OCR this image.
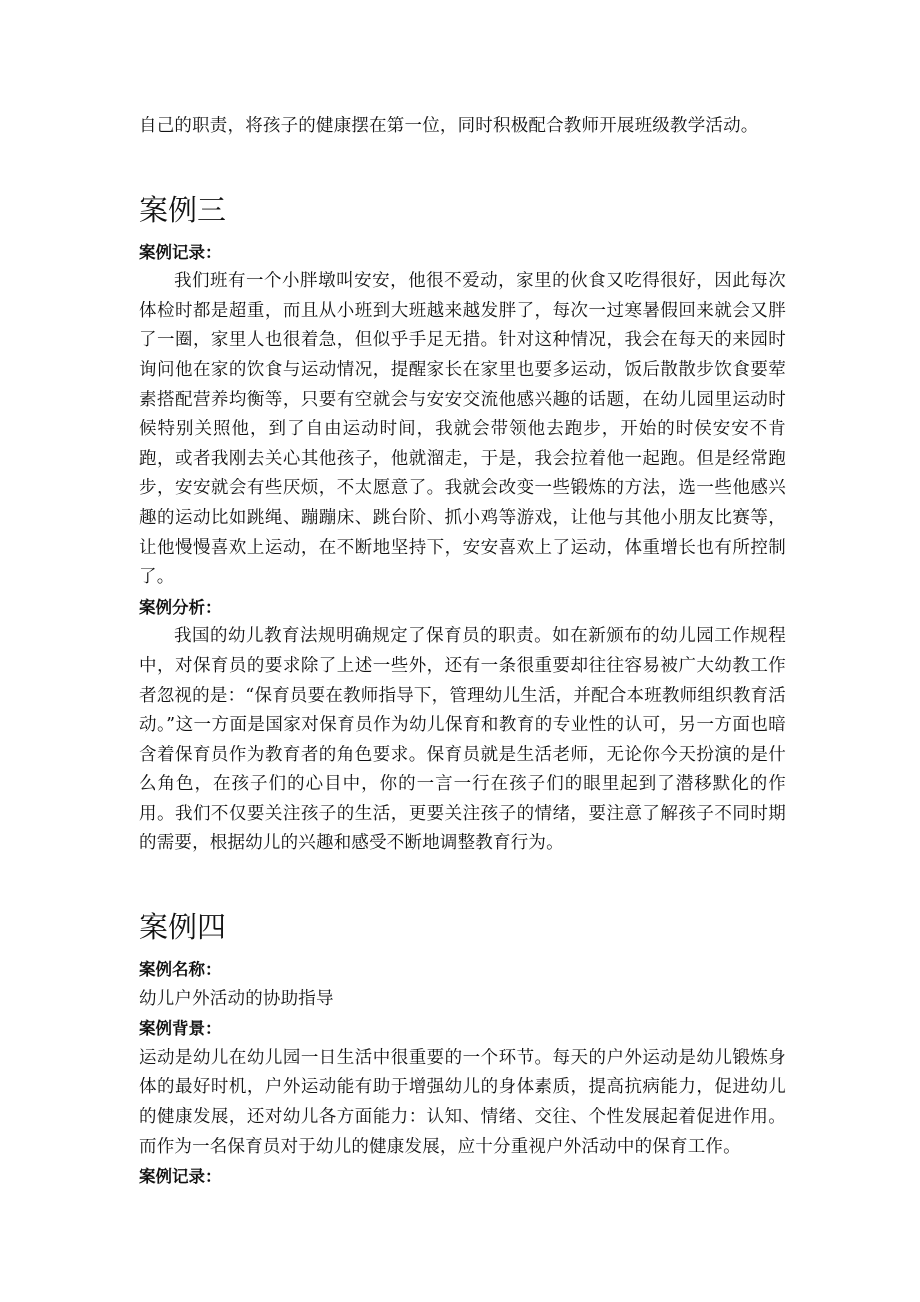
自己的职责，将孩子的健康摆在第一位，同时积极配合教师开展班级教学活动。

案例三

案例记录：

我们班有一个小胖墩叫安安，他很不爱动，家里的伙食又吃得很好，因此每次体检时都是超重，而且从小班到大班越来越发胖了，每次一过寒暑假回来就会又胖了一圈，家里人也很着急，但似乎手足无措。针对这种情况，我会在每天的来园时询问他在家的饮食与运动情况，提醒家长在家里也要多运动，饭后散散步饮食要荤素搭配营养均衡等，只要有空就会与安安交流他感兴趣的话题，在幼儿园里运动时候特别关照他，到了自由运动时间，我就会带领他去跑步，开始的时侯安安不肯跑，或者我刚去关心其他孩子，他就溜走，于是，我会拉着他一起跑。但是经常跑步，安安就会有些厌烦，不太愿意了。我就会改变一些锻炼的方法，选一些他感兴趣的运动比如跳绳、蹦蹦床、跳台阶、抓小鸡等游戏，让他与其他小朋友比赛等，让他慢慢喜欢上运动，在不断地坚持下，安安喜欢上了运动，体重增长也有所控制了。

案例分析：

我国的幼儿教育法规明确规定了保育员的职责。如在新颁布的幼儿园工作规程中，对保育员的要求除了上述一些外，还有一条很重要却往往容易被广大幼教工作者忽视的是：“保育员要在教师指导下，管理幼儿生活，并配合本班教师组织教育活动。”这一方面是国家对保育员作为幼儿保育和教育的专业性的认可，另一方面也暗含着保育员作为教育者的角色要求。保育员就是生活老师，无论你今天扮演的是什么角色，在孩子们的心目中，你的一言一行在孩子们的眼里起到了潜移默化的作用。我们不仅要关注孩子的生活，更要关注孩子的情绪，要注意了解孩子不同时期的需要，根据幼儿的兴趣和感受不断地调整教育行为。

案例四

案例名称：

幼儿户外活动的协助指导

案例背景：

运动是幼儿在幼儿园一日生活中很重要的一个环节。每天的户外运动是幼儿锻炼身体的最好时机，户外运动能有助于增强幼儿的身体素质，提高抗病能力，促进幼儿的健康发展，还对幼儿各方面能力：认知、情绪、交往、个性发展起着促进作用。而作为一名保育员对于幼儿的健康发展，应十分重视户外活动中的保育工作。

案例记录：
